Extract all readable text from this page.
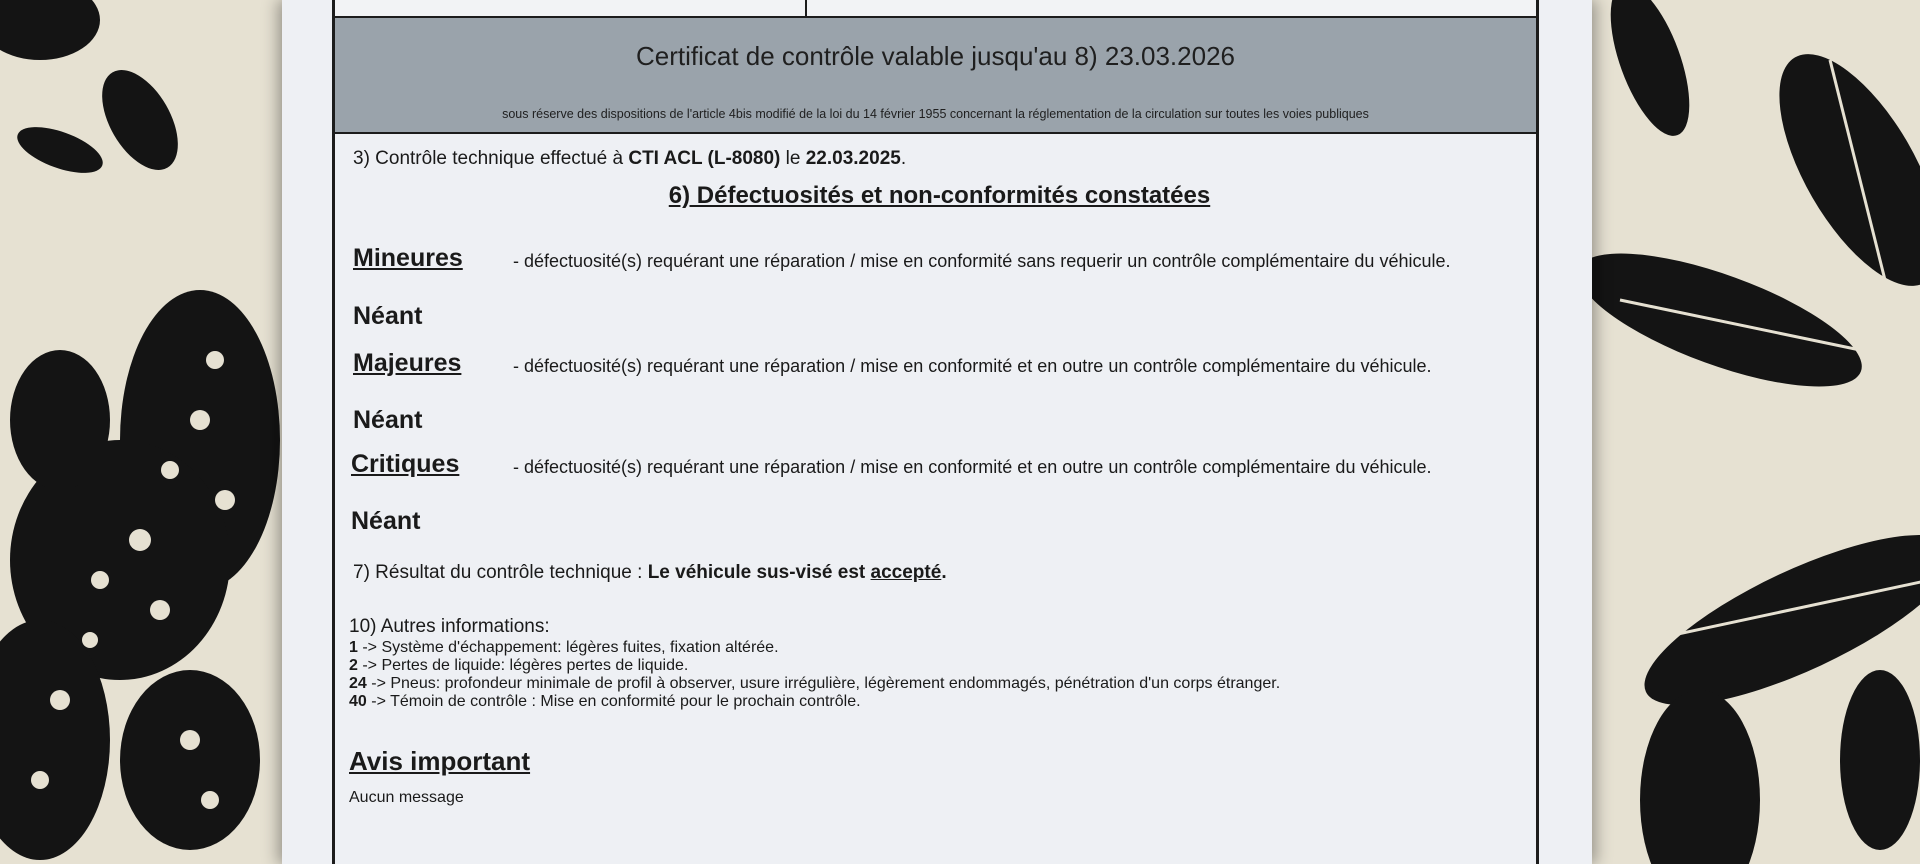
Certificat de contrôle valable jusqu'au 8) 23.03.2026
sous réserve des dispositions de l'article 4bis modifié de la loi du 14 février 1955 concernant la réglementation de la circulation sur toutes les voies publiques
3) Contrôle technique effectué à CTI ACL (L-8080) le 22.03.2025.
6) Défectuosités et non-conformités constatées
Mineures	- défectuosité(s) requérant une réparation / mise en conformité sans requerir un contrôle complémentaire du véhicule.
Néant
Majeures	- défectuosité(s) requérant une réparation / mise en conformité et en outre un contrôle complémentaire du véhicule.
Néant
Critiques	- défectuosité(s) requérant une réparation / mise en conformité et en outre un contrôle complémentaire du véhicule.
Néant
7) Résultat du contrôle technique : Le véhicule sus-visé est accepté.
10) Autres informations:
1 -> Système d'échappement: légères fuites, fixation altérée.
2 -> Pertes de liquide: légères pertes de liquide.
24 -> Pneus: profondeur minimale de profil à observer, usure irrégulière, légèrement endommagés, pénétration d'un corps étranger.
40 -> Témoin de contrôle : Mise en conformité pour le prochain contrôle.
Avis important
Aucun message
